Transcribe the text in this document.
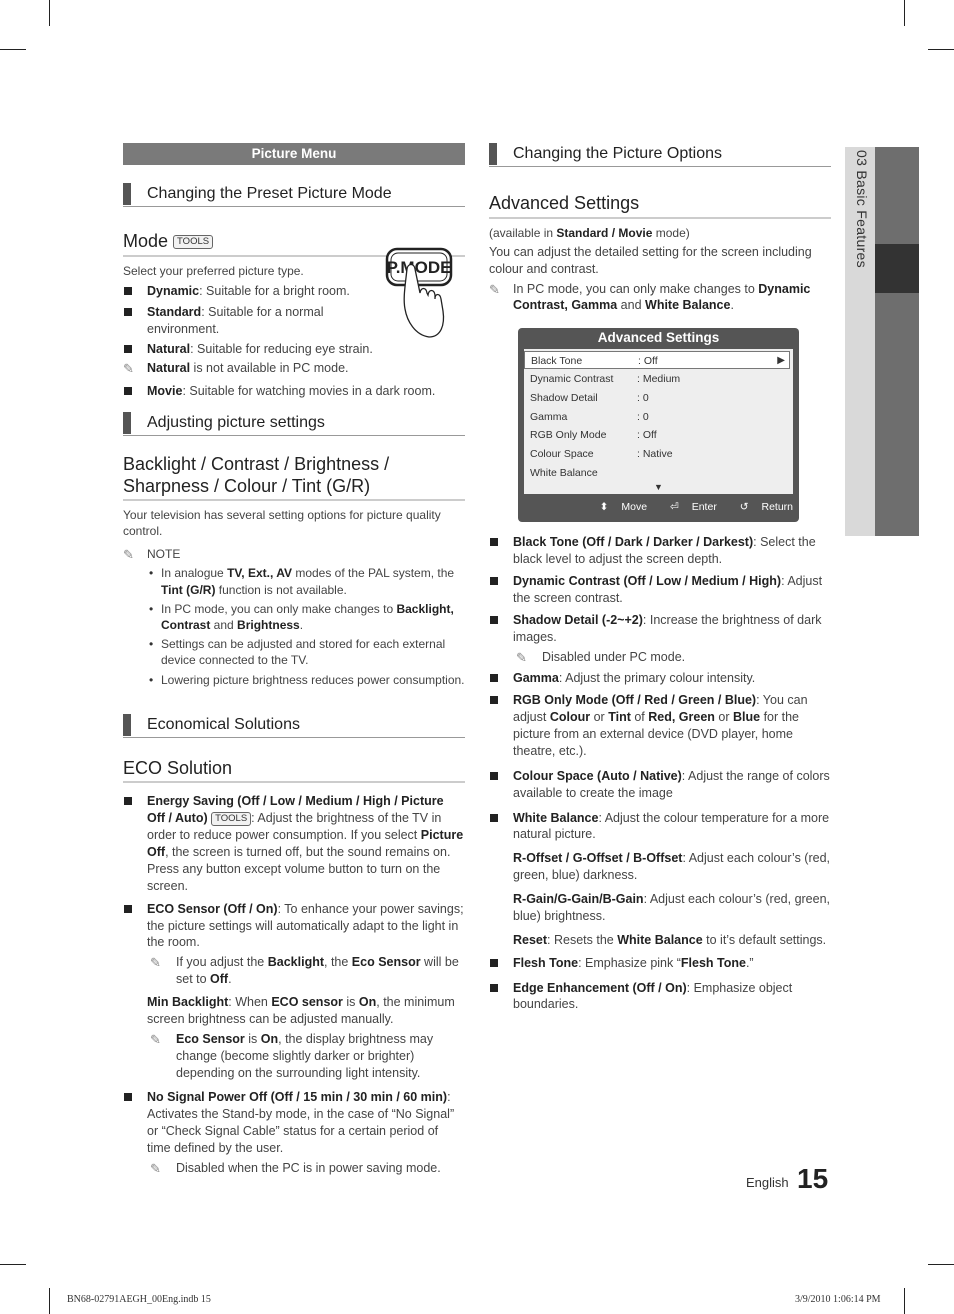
Picture Menu
Changing the Preset Picture Mode
Mode TOOLS
Select your preferred picture type.	P.MODE
Dynamic: Suitable for a bright room.
Standard: Suitable for a normal environment.
Natural: Suitable for reducing eye strain.
✎ Natural is not available in PC mode.
Movie: Suitable for watching movies in a dark room.
Adjusting picture settings
Backlight / Contrast / Brightness / Sharpness / Colour / Tint (G/R)
Your television has several setting options for picture quality control.
✎ NOTE
• In analogue TV, Ext., AV modes of the PAL system, the Tint (G/R) function is not available.
• In PC mode, you can only make changes to Backlight, Contrast and Brightness.
• Settings can be adjusted and stored for each external device connected to the TV.
• Lowering picture brightness reduces power consumption.
Economical Solutions
ECO Solution
Energy Saving (Off / Low / Medium / High / Picture Off / Auto) TOOLS : Adjust the brightness of the TV in order to reduce power consumption. If you select Picture Off, the screen is turned off, but the sound remains on. Press any button except volume button to turn on the screen.
ECO Sensor (Off / On): To enhance your power savings; the picture settings will automatically adapt to the light in the room.
✎ If you adjust the Backlight, the Eco Sensor will be set to Off.
Min Backlight: When ECO sensor is On, the minimum screen brightness can be adjusted manually.
✎ Eco Sensor is On, the display brightness may change (become slightly darker or brighter) depending on the surrounding light intensity.
No Signal Power Off (Off / 15 min / 30 min / 60 min): Activates the Stand-by mode, in the case of “No Signal” or “Check Signal Cable” status for a certain period of time defined by the user.
✎ Disabled when the PC is in power saving mode.
Changing the Picture Options
Advanced Settings
(available in Standard / Movie mode)
You can adjust the detailed setting for the screen including colour and contrast.
✎ In PC mode, you can only make changes to Dynamic Contrast, Gamma and White Balance.
Advanced Settings
Black Tone	: Off	▶
Dynamic Contrast : Medium
Shadow Detail	: 0
Gamma	: 0
RGB Only Mode	: Off
Colour Space	: Native
White Balance
▼
⬍ Move ⏎ Enter ↺ Return
Black Tone (Off / Dark / Darker / Darkest): Select the black level to adjust the screen depth.
Dynamic Contrast (Off / Low / Medium / High): Adjust the screen contrast.
Shadow Detail (-2~+2): Increase the brightness of dark images.
✎ Disabled under PC mode.
Gamma: Adjust the primary colour intensity.
RGB Only Mode (Off / Red / Green / Blue): You can adjust Colour or Tint of Red, Green or Blue for the picture from an external device (DVD player, home theatre, etc.).
Colour Space (Auto / Native): Adjust the range of colors available to create the image
White Balance: Adjust the colour temperature for a more natural picture.
R-Offset / G-Offset / B-Offset: Adjust each colour’s (red, green, blue) darkness.
R-Gain/G-Gain/B-Gain: Adjust each colour’s (red, green, blue) brightness.
Reset: Resets the White Balance to it’s default settings.
Flesh Tone: Emphasize pink “Flesh Tone.”
Edge Enhancement (Off / On): Emphasize object boundaries.
03 Basic Features
English 15
BN68-02791AEGH_00Eng.indb 15	3/9/2010 1:06:14 PM
